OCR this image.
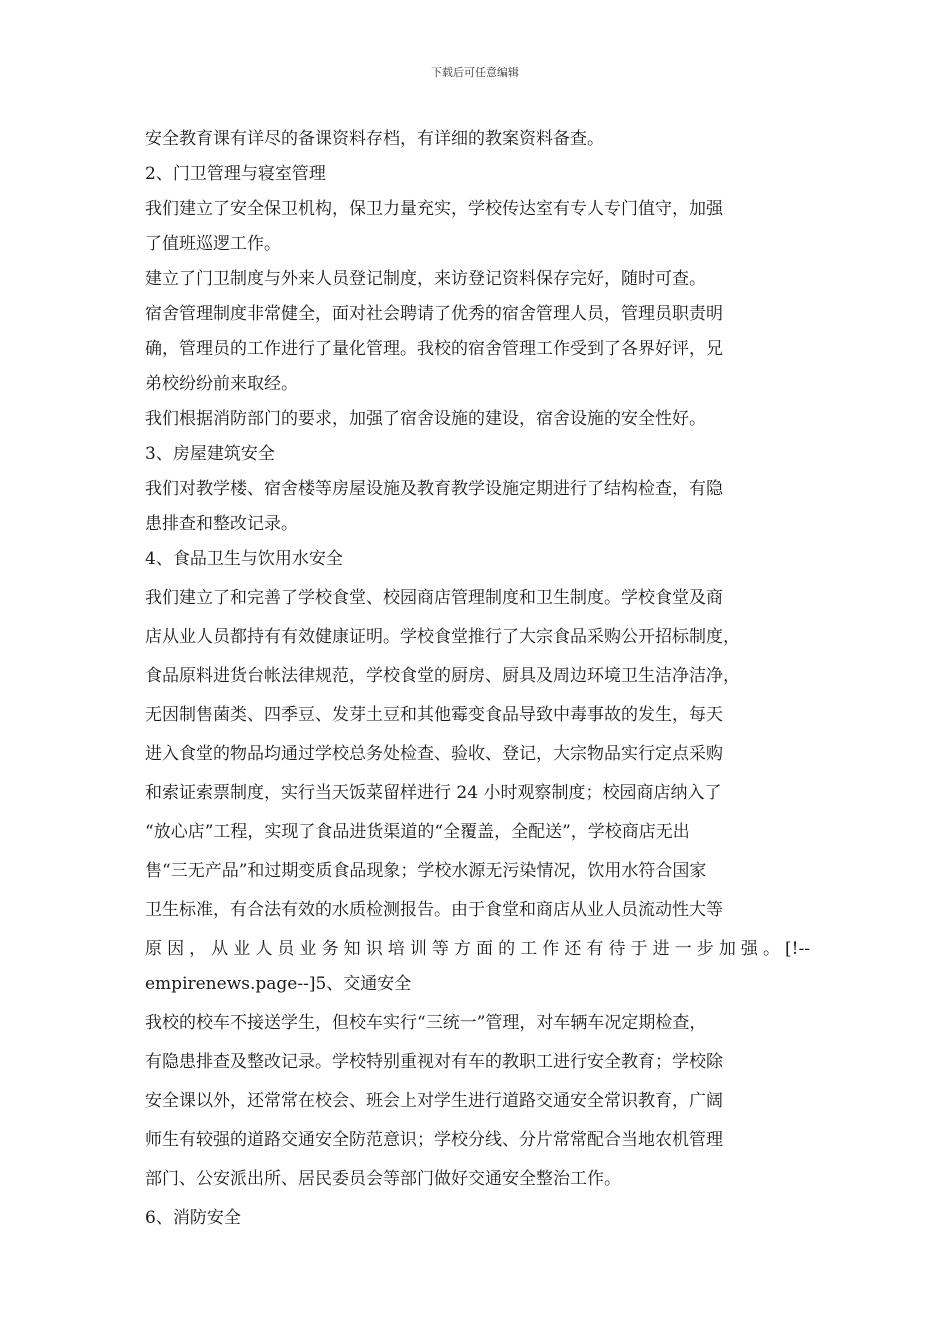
下载后可任意编辑
安全教育课有详尽的备课资料存档，有详细的教案资料备查。
2、门卫管理与寝室管理
我们建立了安全保卫机构，保卫力量充实，学校传达室有专人专门值守，加强
了值班巡逻工作。
建立了门卫制度与外来人员登记制度，来访登记资料保存完好，随时可查。
宿舍管理制度非常健全，面对社会聘请了优秀的宿舍管理人员，管理员职责明
确，管理员的工作进行了量化管理。我校的宿舍管理工作受到了各界好评，兄
弟校纷纷前来取经。
我们根据消防部门的要求，加强了宿舍设施的建设，宿舍设施的安全性好。
3、房屋建筑安全
我们对教学楼、宿舍楼等房屋设施及教育教学设施定期进行了结构检查，有隐
患排查和整改记录。
4、食品卫生与饮用水安全
我们建立了和完善了学校食堂、校园商店管理制度和卫生制度。学校食堂及商
店从业人员都持有有效健康证明。学校食堂推行了大宗食品采购公开招标制度，
食品原料进货台帐法律规范，学校食堂的厨房、厨具及周边环境卫生洁净洁净，
无因制售菌类、四季豆、发芽土豆和其他霉变食品导致中毒事故的发生，每天
进入食堂的物品均通过学校总务处检查、验收、登记，大宗物品实行定点采购
和索证索票制度，实行当天饭菜留样进行 24 小时观察制度；校园商店纳入了
“放心店”工程，实现了食品进货渠道的“全覆盖，全配送”，学校商店无出
售“三无产品”和过期变质食品现象；学校水源无污染情况，饮用水符合国家
卫生标准，有合法有效的水质检测报告。由于食堂和商店从业人员流动性大等
原因，从业人员业务知识培训等方面的工作还有待于进一步加强。[!--
empirenews.page--]5、交通安全
我校的校车不接送学生，但校车实行“三统一”管理，对车辆车况定期检查，
有隐患排查及整改记录。学校特别重视对有车的教职工进行安全教育；学校除
安全课以外，还常常在校会、班会上对学生进行道路交通安全常识教育，广阔
师生有较强的道路交通安全防范意识；学校分线、分片常常配合当地农机管理
部门、公安派出所、居民委员会等部门做好交通安全整治工作。
6、消防安全
